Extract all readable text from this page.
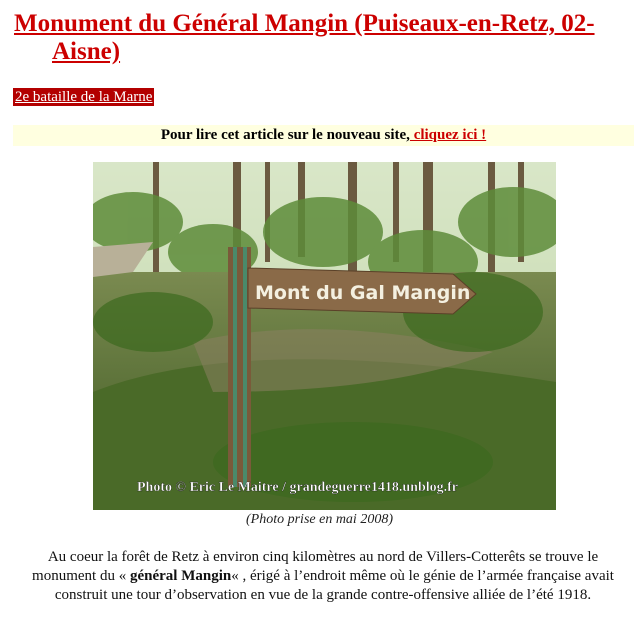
Monument du Général Mangin (Puiseaux-en-Retz, 02-Aisne)
2e bataille de la Marne
Pour lire cet article sur le nouveau site, cliquez ici !
Mont du Gal Mangin
Photo © Eric Le Maitre / grandeguerre1418.unblog.fr
(Photo prise en mai 2008)

Au coeur la forêt de Retz à environ cinq kilomètres au nord de Villers-Cotterêts se trouve le monument du « général Mangin« , érigé à l’endroit même où le génie de l’armée française avait construit une tour d’observation en vue de la grande contre-offensive alliée de l’été 1918.
